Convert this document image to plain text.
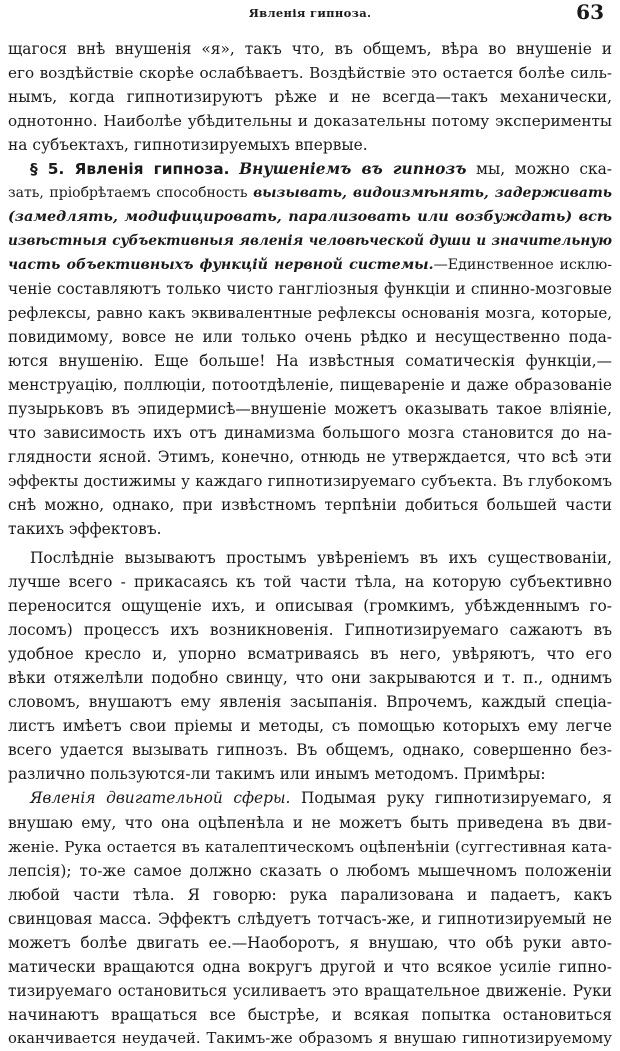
Явленія гипноза.	63
щагося внѣ внушенія «я», такъ что, въ общемъ, вѣра во внушеніе и
его воздѣйствіе скорѣе ослабѣваетъ. Воздѣйствіе это остается болѣе силь-
нымъ, когда гипнотизируютъ рѣже и не всегда—такъ механически,
однотонно. Наиболѣе убѣдительны и доказательны потому эксперименты
на субъектахъ, гипнотизируемыхъ впервые.
§ 5. Явленія гипноза. Внушеніемъ въ гипнозъ мы, можно ска-
зать, пріобрѣтаемъ способность вызывать, видоизмѣнять, задерживать
(замедлять, модифицировать, парализовать или возбуждать) всѣ
извѣстныя субъективныя явленія человѣческой души и значительную
часть объективныхъ функцій нервной системы.—Единственное исклю-
ченіе составляютъ только чисто гангліозныя функціи и спинно-мозговые
рефлексы, равно какъ эквивалентные рефлексы основанія мозга, которые,
повидимому, вовсе не или только очень рѣдко и несущественно пода-
ются внушенію. Еще больше! На извѣстныя соматическія функціи,—
менструацію, поллюціи, потоотдѣленіе, пищевареніе и даже образованіе
пузырьковъ въ эпидермисѣ—внушеніе можетъ оказывать такое вліяніе,
что зависимость ихъ отъ динамизма большого мозга становится до на-
глядности ясной. Этимъ, конечно, отнюдь не утверждается, что всѣ эти
эффекты достижимы у каждаго гипнотизируемаго субъекта. Въ глубокомъ
снѣ можно, однако, при извѣстномъ терпѣніи добиться большей части
такихъ эффектовъ.
Послѣдніе вызываютъ простымъ увѣреніемъ въ ихъ существованіи,
лучше всего - прикасаясь къ той части тѣла, на которую субъективно
переносится ощущеніе ихъ, и описывая (громкимъ, убѣжденнымъ го-
лосомъ) процессъ ихъ возникновенія. Гипнотизируемаго сажаютъ въ
удобное кресло и, упорно всматриваясь въ него, увѣряютъ, что его
вѣки отяжелѣли подобно свинцу, что они закрываются и т. п., однимъ
словомъ, внушаютъ ему явленія засыпанія. Впрочемъ, каждый спеціа-
листъ имѣетъ свои пріемы и методы, съ помощью которыхъ ему легче
всего удается вызывать гипнозъ. Въ общемъ, однако, совершенно без-
различно пользуются-ли такимъ или инымъ методомъ. Примѣры:
Явленія двигательной сферы. Подымая руку гипнотизируемаго, я
внушаю ему, что она оцѣпенѣла и не можетъ быть приведена въ дви-
женіе. Рука остается въ каталептическомъ оцѣпенѣніи (суггестивная ката-
лепсія); то-же самое должно сказать о любомъ мышечномъ положеніи
любой части тѣла. Я говорю: рука парализована и падаетъ, какъ
свинцовая масса. Эффектъ слѣдуетъ тотчасъ-же, и гипнотизируемый не
можетъ болѣе двигать ее.—Наоборотъ, я внушаю, что обѣ руки авто-
матически вращаются одна вокругъ другой и что всякое усиліе гипно-
тизируемаго остановиться усиливаетъ это вращательное движеніе. Руки
начинаютъ вращаться все быстрѣе, и всякая попытка остановиться
оканчивается неудачей. Такимъ-же образомъ я внушаю гипнотизируемому
